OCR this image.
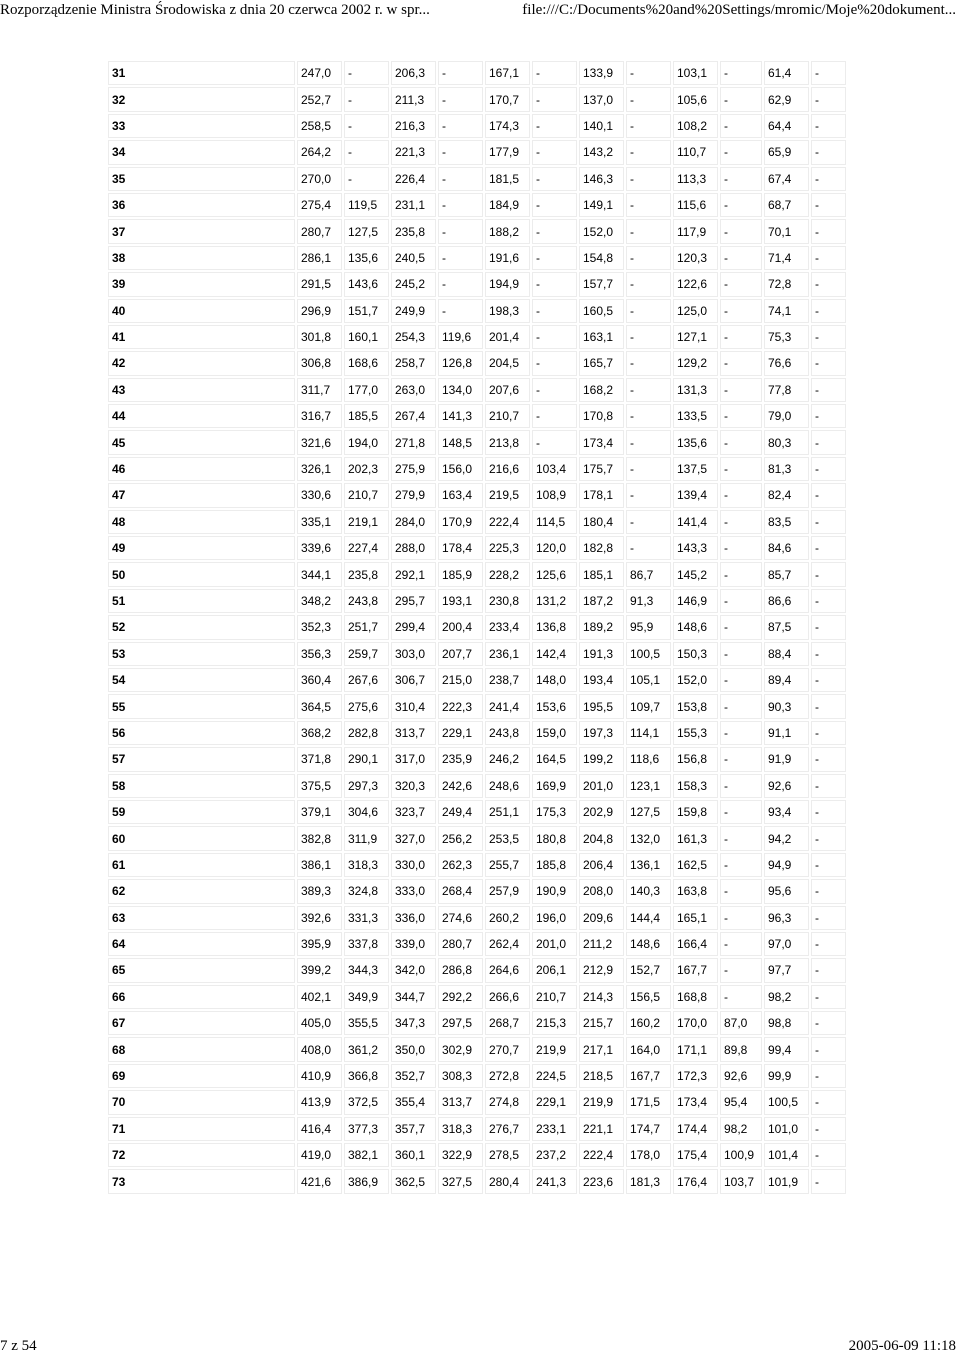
Rozporządzenie Ministra Środowiska z dnia 20 czerwca 2002 r. w spr...	file:///C:/Documents%20and%20Settings/mromic/Moje%20dokument...
31	247,0	-	206,3	-	167,1	-	133,9	-	103,1	-	61,4	-
32	252,7	-	211,3	-	170,7	-	137,0	-	105,6	-	62,9	-
33	258,5	-	216,3	-	174,3	-	140,1	-	108,2	-	64,4	-
34	264,2	-	221,3	-	177,9	-	143,2	-	110,7	-	65,9	-
35	270,0	-	226,4	-	181,5	-	146,3	-	113,3	-	67,4	-
36	275,4	119,5	231,1	-	184,9	-	149,1	-	115,6	-	68,7	-
37	280,7	127,5	235,8	-	188,2	-	152,0	-	117,9	-	70,1	-
38	286,1	135,6	240,5	-	191,6	-	154,8	-	120,3	-	71,4	-
39	291,5	143,6	245,2	-	194,9	-	157,7	-	122,6	-	72,8	-
40	296,9	151,7	249,9	-	198,3	-	160,5	-	125,0	-	74,1	-
41	301,8	160,1	254,3	119,6	201,4	-	163,1	-	127,1	-	75,3	-
42	306,8	168,6	258,7	126,8	204,5	-	165,7	-	129,2	-	76,6	-
43	311,7	177,0	263,0	134,0	207,6	-	168,2	-	131,3	-	77,8	-
44	316,7	185,5	267,4	141,3	210,7	-	170,8	-	133,5	-	79,0	-
45	321,6	194,0	271,8	148,5	213,8	-	173,4	-	135,6	-	80,3	-
46	326,1	202,3	275,9	156,0	216,6	103,4	175,7	-	137,5	-	81,3	-
47	330,6	210,7	279,9	163,4	219,5	108,9	178,1	-	139,4	-	82,4	-
48	335,1	219,1	284,0	170,9	222,4	114,5	180,4	-	141,4	-	83,5	-
49	339,6	227,4	288,0	178,4	225,3	120,0	182,8	-	143,3	-	84,6	-
50	344,1	235,8	292,1	185,9	228,2	125,6	185,1	86,7	145,2	-	85,7	-
51	348,2	243,8	295,7	193,1	230,8	131,2	187,2	91,3	146,9	-	86,6	-
52	352,3	251,7	299,4	200,4	233,4	136,8	189,2	95,9	148,6	-	87,5	-
53	356,3	259,7	303,0	207,7	236,1	142,4	191,3	100,5	150,3	-	88,4	-
54	360,4	267,6	306,7	215,0	238,7	148,0	193,4	105,1	152,0	-	89,4	-
55	364,5	275,6	310,4	222,3	241,4	153,6	195,5	109,7	153,8	-	90,3	-
56	368,2	282,8	313,7	229,1	243,8	159,0	197,3	114,1	155,3	-	91,1	-
57	371,8	290,1	317,0	235,9	246,2	164,5	199,2	118,6	156,8	-	91,9	-
58	375,5	297,3	320,3	242,6	248,6	169,9	201,0	123,1	158,3	-	92,6	-
59	379,1	304,6	323,7	249,4	251,1	175,3	202,9	127,5	159,8	-	93,4	-
60	382,8	311,9	327,0	256,2	253,5	180,8	204,8	132,0	161,3	-	94,2	-
61	386,1	318,3	330,0	262,3	255,7	185,8	206,4	136,1	162,5	-	94,9	-
62	389,3	324,8	333,0	268,4	257,9	190,9	208,0	140,3	163,8	-	95,6	-
63	392,6	331,3	336,0	274,6	260,2	196,0	209,6	144,4	165,1	-	96,3	-
64	395,9	337,8	339,0	280,7	262,4	201,0	211,2	148,6	166,4	-	97,0	-
65	399,2	344,3	342,0	286,8	264,6	206,1	212,9	152,7	167,7	-	97,7	-
66	402,1	349,9	344,7	292,2	266,6	210,7	214,3	156,5	168,8	-	98,2	-
67	405,0	355,5	347,3	297,5	268,7	215,3	215,7	160,2	170,0	87,0	98,8	-
68	408,0	361,2	350,0	302,9	270,7	219,9	217,1	164,0	171,1	89,8	99,4	-
69	410,9	366,8	352,7	308,3	272,8	224,5	218,5	167,7	172,3	92,6	99,9	-
70	413,9	372,5	355,4	313,7	274,8	229,1	219,9	171,5	173,4	95,4	100,5	-
71	416,4	377,3	357,7	318,3	276,7	233,1	221,1	174,7	174,4	98,2	101,0	-
72	419,0	382,1	360,1	322,9	278,5	237,2	222,4	178,0	175,4	100,9	101,4	-
73	421,6	386,9	362,5	327,5	280,4	241,3	223,6	181,3	176,4	103,7	101,9	-
7 z 54	2005-06-09 11:18
